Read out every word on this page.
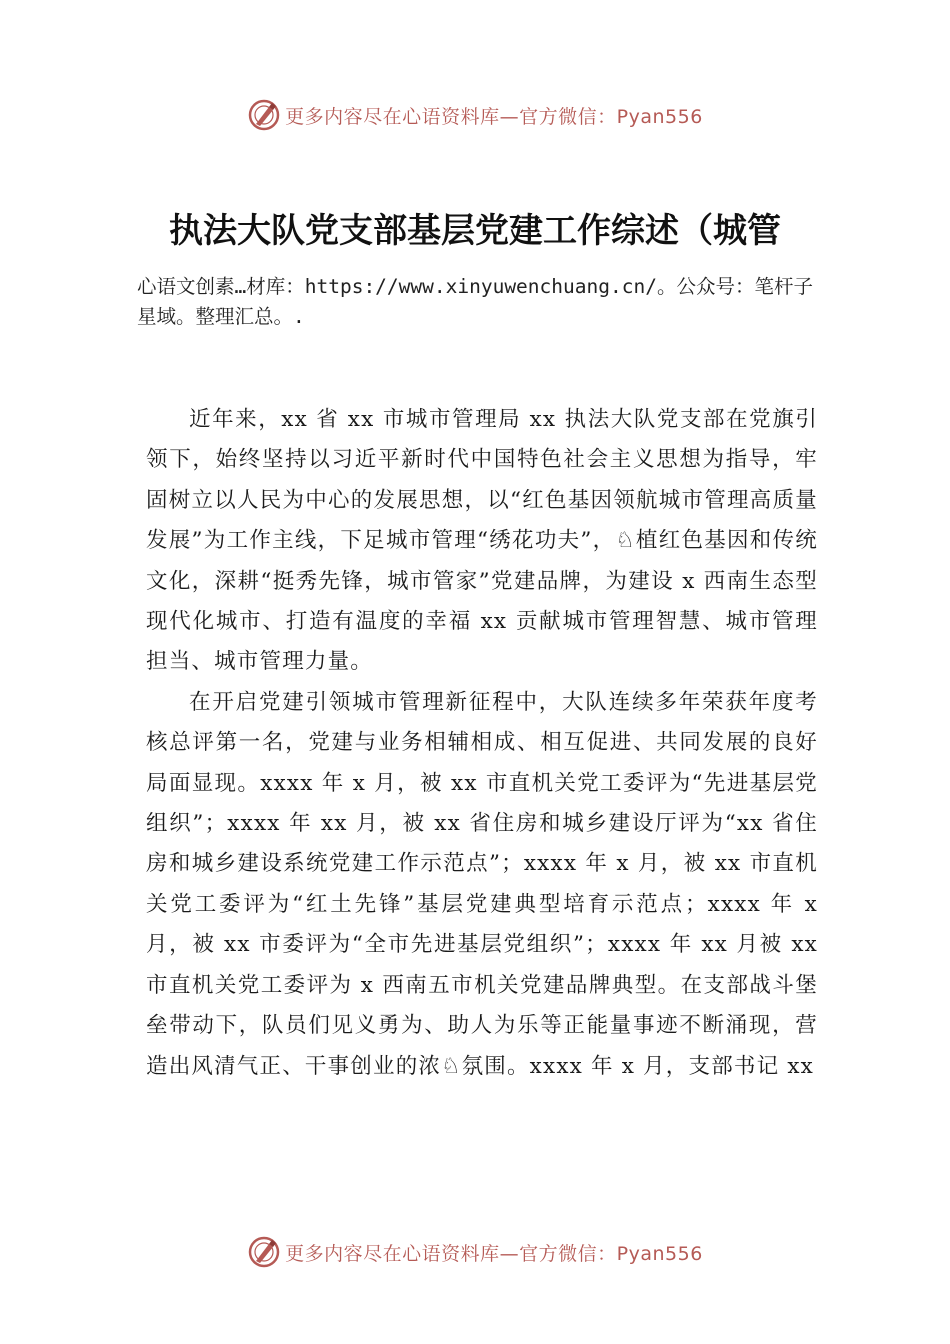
更多内容尽在心语资料库—官方微信：Pyan556
执法大队党支部基层党建工作综述（城管
心语文创素…材库：https://www.xinyuwenchuang.cn/。公众号：笔杆子星域。整理汇总。.

近年来，xx 省 xx 市城市管理局 xx 执法大队党支部在党旗引领下，始终坚持以习近平新时代中国特色社会主义思想为指导，牢固树立以人民为中心的发展思想，以“红色基因领航城市管理高质量发展”为工作主线，下足城市管理“绣花功夫”，♘植红色基因和传统文化，深耕“挺秀先锋，城市管家”党建品牌，为建设 x 西南生态型现代化城市、打造有温度的幸福 xx 贡献城市管理智慧、城市管理担当、城市管理力量。

在开启党建引领城市管理新征程中，大队连续多年荣获年度考核总评第一名，党建与业务相辅相成、相互促进、共同发展的良好局面显现。xxxx 年 x 月，被 xx 市直机关党工委评为“先进基层党组织”；xxxx 年 xx 月，被 xx 省住房和城乡建设厅评为“xx 省住房和城乡建设系统党建工作示范点”；xxxx 年 x 月，被 xx 市直机关党工委评为“红土先锋”基层党建典型培育示范点；xxxx 年 x 月，被 xx 市委评为“全市先进基层党组织”；xxxx 年 xx 月被 xx 市直机关党工委评为 x 西南五市机关党建品牌典型。在支部战斗堡垒带动下，队员们见义勇为、助人为乐等正能量事迹不断涌现，营造出风清气正、干事创业的浓♘氛围。xxxx 年 x 月，支部书记 xx

更多内容尽在心语资料库—官方微信：Pyan556
